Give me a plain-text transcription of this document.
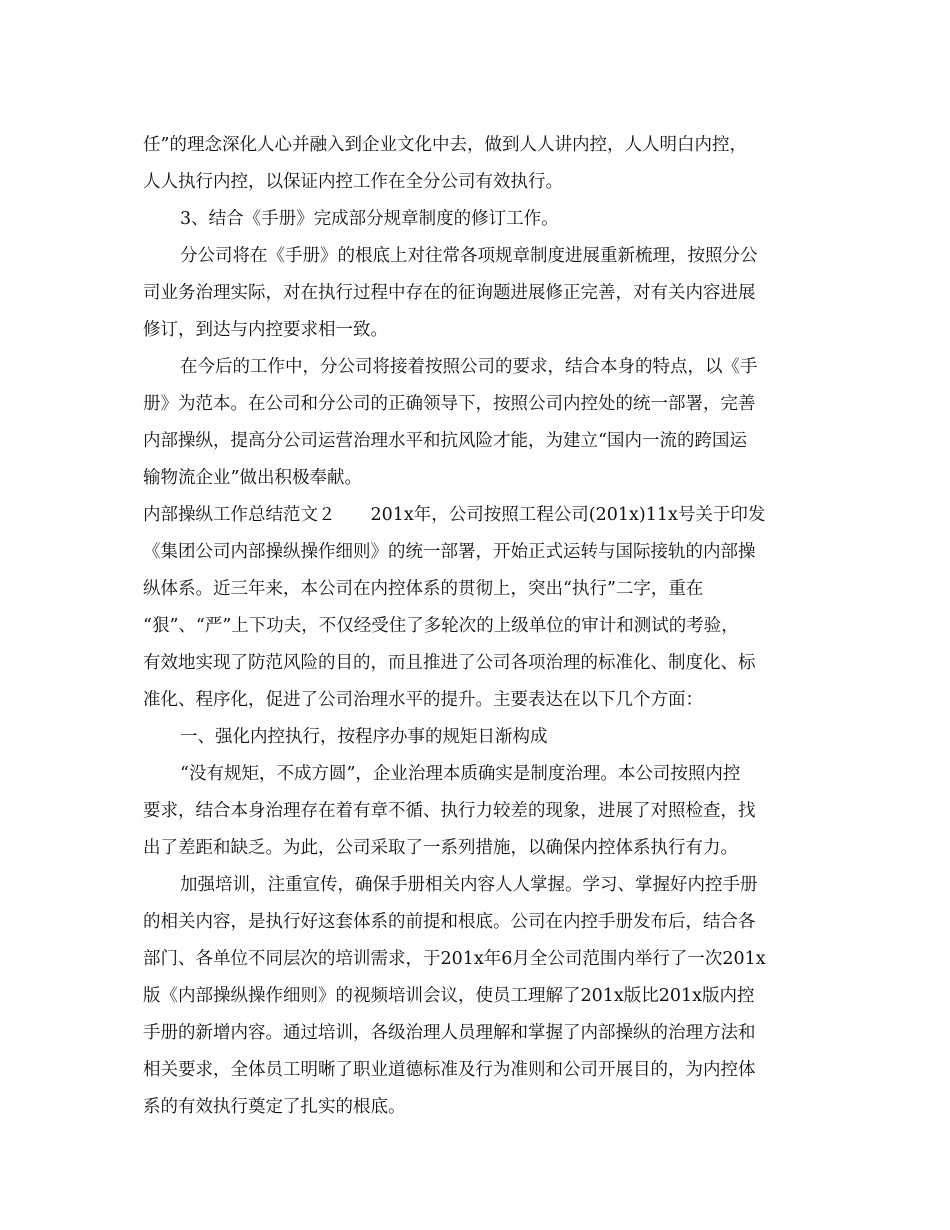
任”的理念深化人心并融入到企业文化中去，做到人人讲内控，人人明白内控，

人人执行内控，以保证内控工作在全分公司有效执行。

3、结合《手册》完成部分规章制度的修订工作。

分公司将在《手册》的根底上对往常各项规章制度进展重新梳理，按照分公

司业务治理实际，对在执行过程中存在的征询题进展修正完善，对有关内容进展

修订，到达与内控要求相一致。

在今后的工作中，分公司将接着按照公司的要求，结合本身的特点，以《手

册》为范本。在公司和分公司的正确领导下，按照公司内控处的统一部署，完善

内部操纵，提高分公司运营治理水平和抗风险才能，为建立“国内一流的跨国运

输物流企业”做出积极奉献。

内部操纵工作总结范文２　　201x年，公司按照工程公司(201x)11x号关于印发

《集团公司内部操纵操作细则》的统一部署，开始正式运转与国际接轨的内部操

纵体系。近三年来，本公司在内控体系的贯彻上，突出“执行”二字，重在

“狠”、“严”上下功夫，不仅经受住了多轮次的上级单位的审计和测试的考验，

有效地实现了防范风险的目的，而且推进了公司各项治理的标准化、制度化、标

准化、程序化，促进了公司治理水平的提升。主要表达在以下几个方面：

一、强化内控执行，按程序办事的规矩日渐构成

“没有规矩，不成方圆”，企业治理本质确实是制度治理。本公司按照内控

要求，结合本身治理存在着有章不循、执行力较差的现象，进展了对照检查，找

出了差距和缺乏。为此，公司采取了一系列措施，以确保内控体系执行有力。

加强培训，注重宣传，确保手册相关内容人人掌握。学习、掌握好内控手册

的相关内容，是执行好这套体系的前提和根底。公司在内控手册发布后，结合各

部门、各单位不同层次的培训需求，于201x年6月全公司范围内举行了一次201x

版《内部操纵操作细则》的视频培训会议，使员工理解了201x版比201x版内控

手册的新增内容。通过培训，各级治理人员理解和掌握了内部操纵的治理方法和

相关要求，全体员工明晰了职业道德标准及行为准则和公司开展目的，为内控体

系的有效执行奠定了扎实的根底。
